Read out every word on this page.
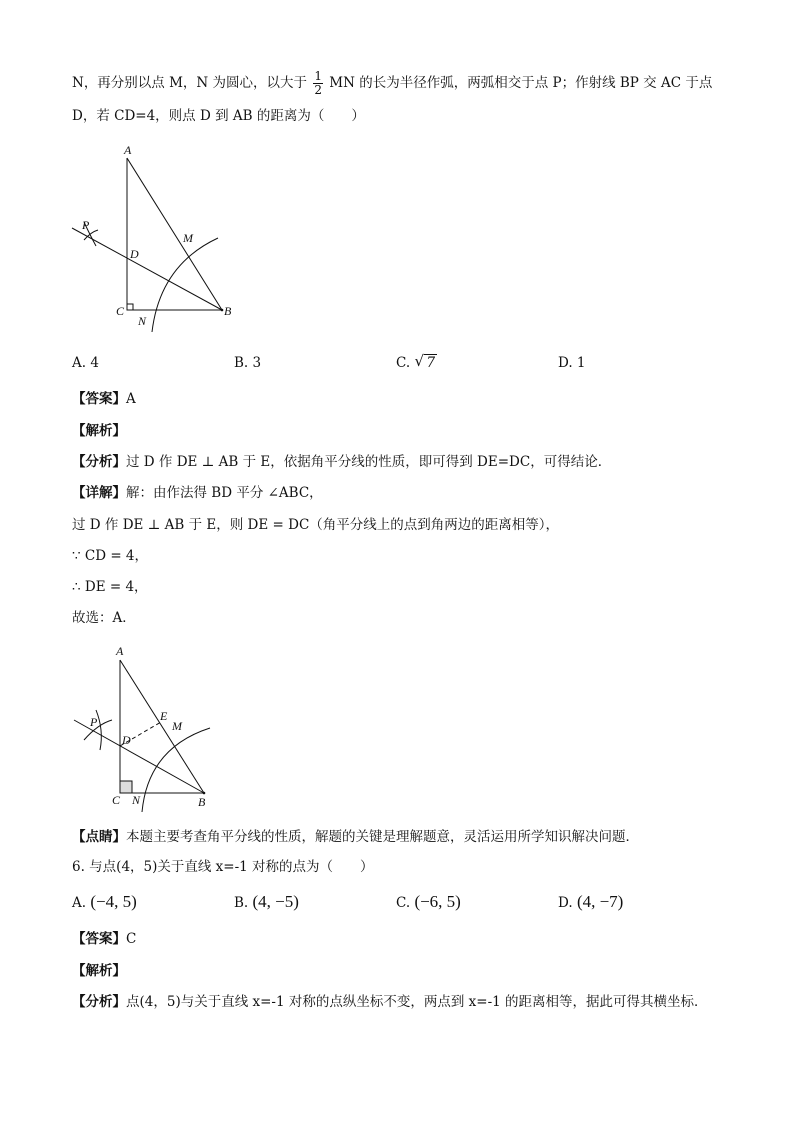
N，再分别以点 M，N 为圆心，以大于 $\frac{1}{2}$ MN 的长为半径作弧，两弧相交于点 P；作射线 BP 交 AC 于点
D，若 CD=4，则点 D 到 AB 的距离为（　　）
A
P
D
M
C
N
B
A. 4	B. 3	C. √ 7	D. 1
【答案】A
【解析】
【分析】过 D 作 DE ⊥ AB 于 E，依据角平分线的性质，即可得到 DE=DC，可得结论．
【详解】解：由作法得 BD 平分 ∠ABC，
过 D 作 DE ⊥ AB 于 E，则 DE = DC（角平分线上的点到角两边的距离相等），
∵ CD = 4，
∴ DE = 4，
故选：A．
A
E
P	M
D
C N	B
【点睛】本题主要考查角平分线的性质，解题的关键是理解题意，灵活运用所学知识解决问题．
6. 与点(4，5)关于直线 x=-1 对称的点为（　　）
A. (−4, 5)	B. (4, −5)	C. (−6, 5)	D. (4, −7)
【答案】C
【解析】
【分析】点(4，5)与关于直线 x=-1 对称的点纵坐标不变，两点到 x=-1 的距离相等，据此可得其横坐标．
